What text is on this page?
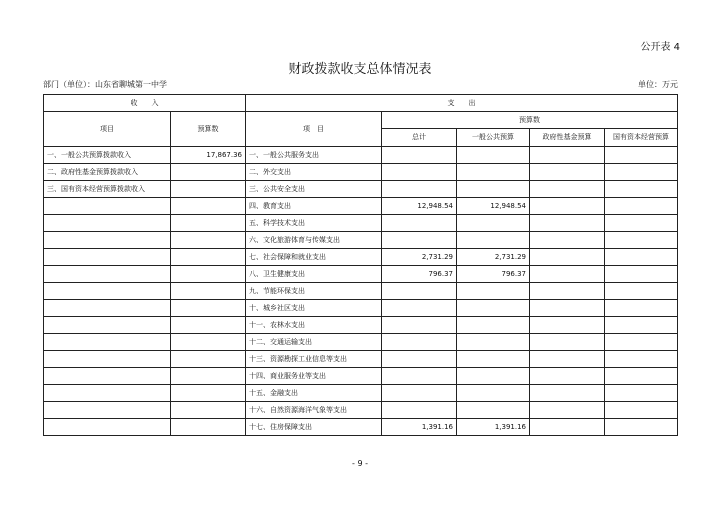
公开表 4
财政拨款收支总体情况表
部门（单位）：山东省聊城第一中学	单位：万元
收　　入		支　　出				
项目	预算数	项　目	预算数			
			总计	一般公共预算	政府性基金预算	国有资本经营预算
一、一般公共预算拨款收入	17,867.36	一、一般公共服务支出				
二、政府性基金预算拨款收入		二、外交支出				
三、国有资本经营预算拨款收入		三、公共安全支出				
		四、教育支出	12,948.54	12,948.54		
		五、科学技术支出				
		六、文化旅游体育与传媒支出				
		七、社会保障和就业支出	2,731.29	2,731.29		
		八、卫生健康支出	796.37	796.37		
		九、节能环保支出				
		十、城乡社区支出				
		十一、农林水支出				
		十二、交通运输支出				
		十三、资源勘探工业信息等支出				
		十四、商业服务业等支出				
		十五、金融支出				
		十六、自然资源海洋气象等支出				
		十七、住房保障支出	1,391.16	1,391.16		
- 9 -
